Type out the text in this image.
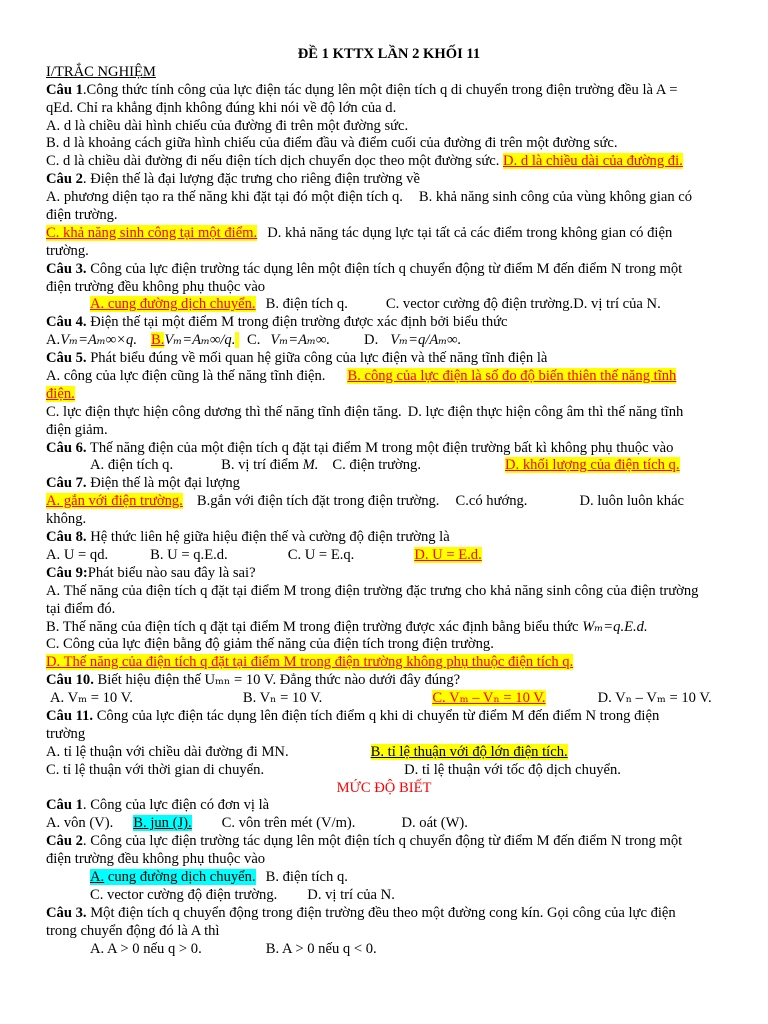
ĐỀ 1 KTTX LẦN 2 KHỐI 11
I/TRẮC NGHIỆM
Câu 1.Công thức tính công của lực điện tác dụng lên một điện tích q di chuyển trong điện trường đều là A =
qEd. Chỉ ra khẳng định không đúng khi nói về độ lớn của d.
A. d là chiều dài hình chiếu của đường đi trên một đường sức.
B. d là khoảng cách giữa hình chiếu của điểm đầu và điểm cuối của đường đi trên một đường sức.
C. d là chiều dài đường đi nếu điện tích dịch chuyển dọc theo một đường sức. D. d là chiều dài của đường đi.
Câu 2. Điện thế là đại lượng đặc trưng cho riêng điện trường về
A. phương diện tạo ra thế năng khi đặt tại đó một điện tích q. B. khả năng sinh công của vùng không gian có
điện trường.
C. khả năng sinh công tại một điểm. D. khả năng tác dụng lực tại tất cả các điểm trong không gian có điện
trường.
Câu 3. Công của lực điện trường tác dụng lên một điện tích q chuyển động từ điểm M đến điểm N trong một
điện trường đều không phụ thuộc vào
A. cung đường dịch chuyển. B. điện tích q.	C. vector cường độ điện trường.D. vị trí của N.
Câu 4. Điện thế tại một điểm M trong điện trường được xác định bởi biểu thức
A.Vₘ=Aₘ∞×q. B.Vₘ=Aₘ∞/q. C. Vₘ=Aₘ∞. D. Vₘ=q/Aₘ∞.
Câu 5. Phát biểu đúng về mối quan hệ giữa công của lực điện và thế năng tĩnh điện là
A. công của lực điện cũng là thế năng tĩnh điện. B. công của lực điện là số đo độ biến thiên thế năng tĩnh
điện.
C. lực điện thực hiện công dương thì thế năng tĩnh điện tăng. D. lực điện thực hiện công âm thì thế năng tĩnh
điện giảm.
Câu 6. Thế năng điện của một điện tích q đặt tại điểm M trong một điện trường bất kì không phụ thuộc vào
A. điện tích q.	B. vị trí điểm M. C. điện trường.	D. khối lượng của điện tích q.
Câu 7. Điện thế là một đại lượng
A. gắn với điện trường. B.gắn với điện tích đặt trong điện trường. C.có hướng.	D. luôn luôn khác
không.
Câu 8. Hệ thức liên hệ giữa hiệu điện thế và cường độ điện trường là
A. U = qd.	B. U = q.E.d.	C. U = E.q.	D. U = E.d.
Câu 9:Phát biểu nào sau đây là sai?
A. Thế năng của điện tích q đặt tại điểm M trong điện trường đặc trưng cho khả năng sinh công của điện trường
tại điểm đó.
B. Thế năng của điện tích q đặt tại điểm M trong điện trường được xác định bằng biểu thức Wₘ=q.E.d.
C. Công của lực điện bằng độ giảm thế năng của điện tích trong điện trường.
D. Thế năng của điện tích q đặt tại điểm M trong điện trường không phụ thuộc điện tích q.
Câu 10. Biết hiệu điện thế Uₘₙ = 10 V. Đẳng thức nào dưới đây đúng?
A. Vₘ = 10 V.	B. Vₙ = 10 V.	C. Vₘ – Vₙ = 10 V.	D. Vₙ – Vₘ = 10 V.
Câu 11. Công của lực điện tác dụng lên điện tích điểm q khi di chuyển từ điểm M đến điểm N trong điện
trường
A. tỉ lệ thuận với chiều dài đường đi MN.	B. tỉ lệ thuận với độ lớn điện tích.
C. tỉ lệ thuận với thời gian di chuyển.	D. tỉ lệ thuận với tốc độ dịch chuyển.
MỨC ĐỘ BIẾT
Câu 1. Công của lực điện có đơn vị là
A. vôn (V). B. jun (J). C. vôn trên mét (V/m).	D. oát (W).
Câu 2. Công của lực điện trường tác dụng lên một điện tích q chuyển động từ điểm M đến điểm N trong một
điện trường đều không phụ thuộc vào
A. cung đường dịch chuyển. B. điện tích q.
C. vector cường độ điện trường. D. vị trí của N.
Câu 3. Một điện tích q chuyển động trong điện trường đều theo một đường cong kín. Gọi công của lực điện
trong chuyển động đó là A thì
A. A > 0 nếu q > 0.	B. A > 0 nếu q < 0.
